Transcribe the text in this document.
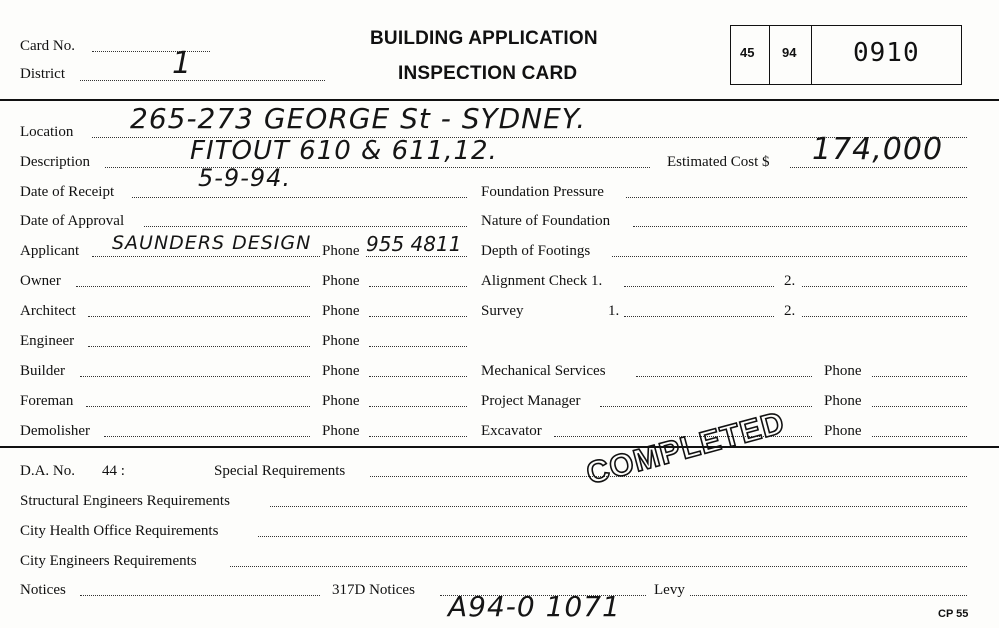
Card No.
District	1
BUILDING APPLICATION
INSPECTION CARD
45 94 0910
Location 265-273 GEORGE St - SYDNEY.
Description	FITOUT 610 & 611,12.	Estimated Cost $ 174,000
Date of Receipt	5-9-94.	Foundation Pressure
Date of Approval	Nature of Foundation
Applicant SAUNDERS DESIGN Phone 955 4811 Depth of Footings
Owner	Phone	Alignment Check 1.	2.
Architect	Phone	Survey	1.	2.
Engineer	Phone
Builder	Phone	Mechanical Services	Phone
Foreman	Phone	Project Manager	Phone
Demolisher	Phone	Excavator	Phone
D.A. No. 44 :	Special Requirements
Structural Engineers Requirements
City Health Office Requirements
City Engineers Requirements
Notices	317D Notices	Levy
COMPLETED
A94-0 1071	CP 55
